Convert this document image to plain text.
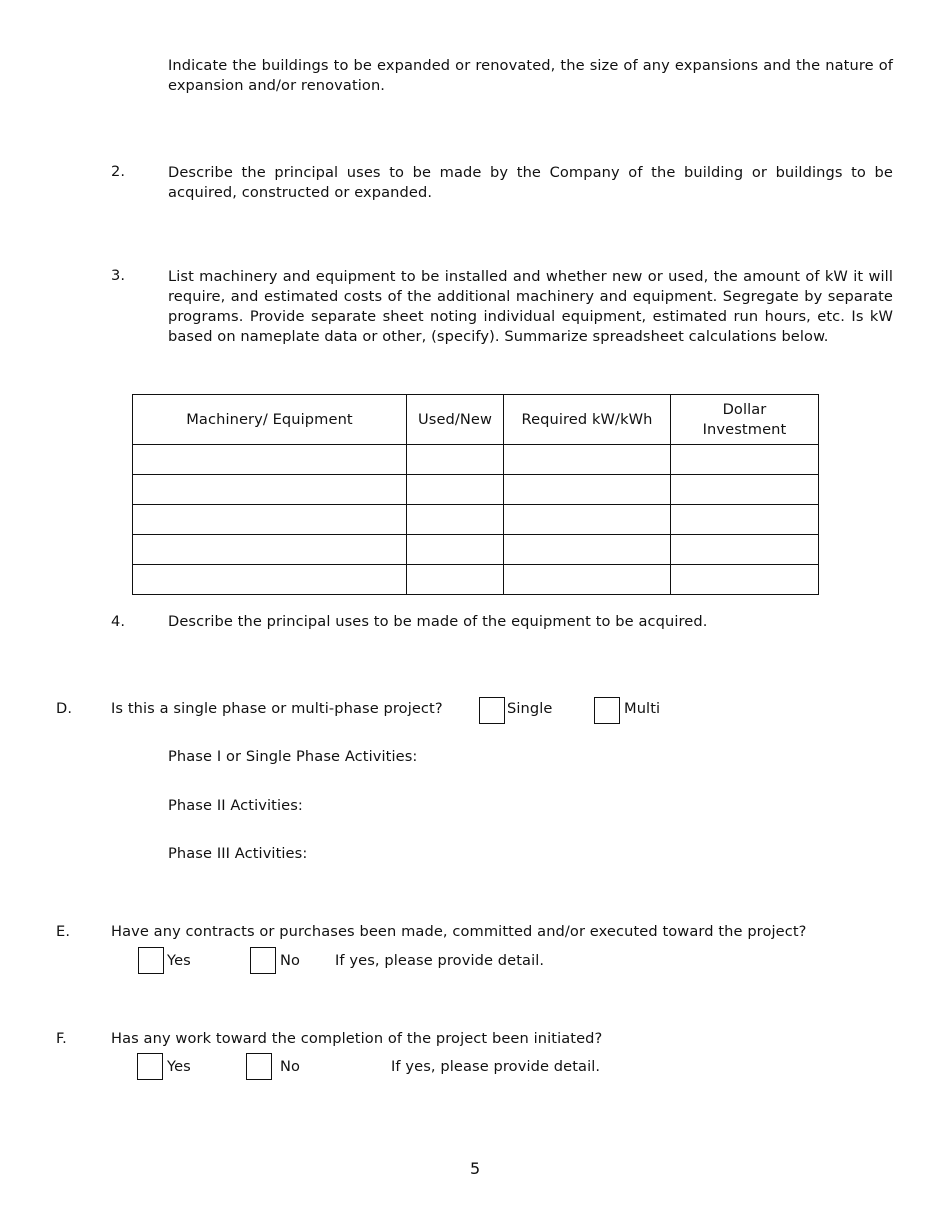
Indicate the buildings to be expanded or renovated, the size of any expansions and the nature of expansion and/or renovation.
2.	Describe the principal uses to be made by the Company of the building or buildings to be acquired, constructed or expanded.
3.	List machinery and equipment to be installed and whether new or used, the amount of kW it will require, and estimated costs of the additional machinery and equipment. Segregate by separate programs. Provide separate sheet noting individual equipment, estimated run hours, etc. Is kW based on nameplate data or other, (specify). Summarize spreadsheet calculations below.
Machinery/ Equipment	Used/New	Required kW/kWh	Dollar Investment

4.	Describe the principal uses to be made of the equipment to be acquired.
D.	Is this a single phase or multi-phase project?	Single	Multi
Phase I or Single Phase Activities:
Phase II Activities:
Phase III Activities:
E.	Have any contracts or purchases been made, committed and/or executed toward the project?
Yes	No If yes, please provide detail.
F.	Has any work toward the completion of the project been initiated?
Yes	No	If yes, please provide detail.
5
